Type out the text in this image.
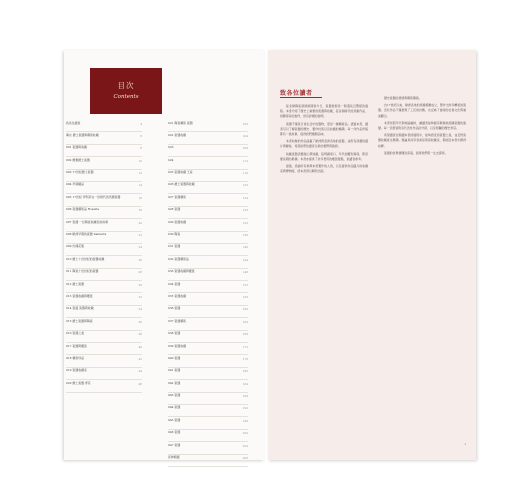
目次
Contents
4
致各位讀者
6
導言 鍍士瓷器與藝術收藏
8
001 瓷器與收藏
10
002 燒製鍍士瓷器
12
003 17世紀鍍士瓷器
14
004 早期藏品
16
005 17世紀 伊利莎白一世時代的英國瓷器
18
006 瓷器藝術品 Rosaria
20
007 瓷器 一位陶瓷收藏家的故事
22
008 歐洲早期的瓷器 Samarra
24
009 玫瑰花瓶
26
010 鍍士十四世紀的瓷器收藏
28
011 陶瓷十四世紀的瓷器
30
012 鍍士瓷器
32
013 瓷器收藏與鑑賞
34
014 瓷盤 瓷器與收藏
36
015 鍍士瓷器與陶瓷
38
016 瓷器之美
40
017 瓷器與鑑賞
42
018 藝術珍品
44
019 瓷器收藏家
46
020 鍍士瓷器 青花
100
021 陶瓷藝術 瓷器
104
022 瓷器收藏
108
023
112
024
116
025 瓷器收藏 王室
120
026 鍍士瓷器與收藏
124
027 瓷器藝術
128
028 瓷器
132
029 瓷器收藏
136
030 陶瓷
140
031 瓷器
144
032 瓷器藝術品
148
033 瓷器收藏與鑑賞
152
034 瓷器
156
035 瓷器收藏
160
036 瓷器
164
037 瓷器藝術
168
038 瓷器
172
039 瓷器收藏
176
040 瓷器
180
041 瓷器
184
042 瓷器
188
043 瓷器
192
044 瓷器
196
045 瓷器
200
046 瓷器
204
047 瓷器
208
延伸閱讀
致各位讀者

從北歐陶瓷發展時期到今日，瓷器發展是一個漫長且豐富的過程。本書介紹了歷史上重要的瓷器與收藏，從各個時代的窯廠作品，到藝術家的創作，皆有詳細的說明。

瓷器不僅是日常生活中的器物，更是一種藝術品。透過本書，讀者可以了解瓷器的歷史、製作技術以及收藏的樂趣。每一件作品背後都有一段故事，值得我們細細品味。

本書收錄的作品涵蓋了歐洲與亞洲各地的瓷器，並附有詳盡的圖片與解說，希望能帶給讀者全新的視野與啟發。

收藏瓷器需要耐心與知識，從辨識窯口、年代到鑑別真偽，都需要長期的累積。本書亦提供了許多實用的鑑賞要點，供讀者參考。

最後，感謝所有參與本書製作的人員，以及提供作品圖片的收藏家與博物館，使本書得以順利出版。

歷史瓷器的發展與藝術價值。

自17世紀以來，歐洲各地的窯廠相繼成立，製作出許多精美的瓷器。這些作品不僅展現了工匠的技藝，也反映了當時的社會文化與審美觀念。

本書依照年代與地區編排，讓讀者能夠循序漸進地認識瓷器的演變。每一章節皆附有代表性作品的介紹，以及相關的歷史背景。

希望讀者在閱讀本書的過程中，能夠感受到瓷器之美，並且對瓷器收藏產生興趣。無論是初學者或是資深收藏家，都能從本書中獲得收穫。

瓷器的世界廣闊而深遠，值得我們用一生去探索。

4
